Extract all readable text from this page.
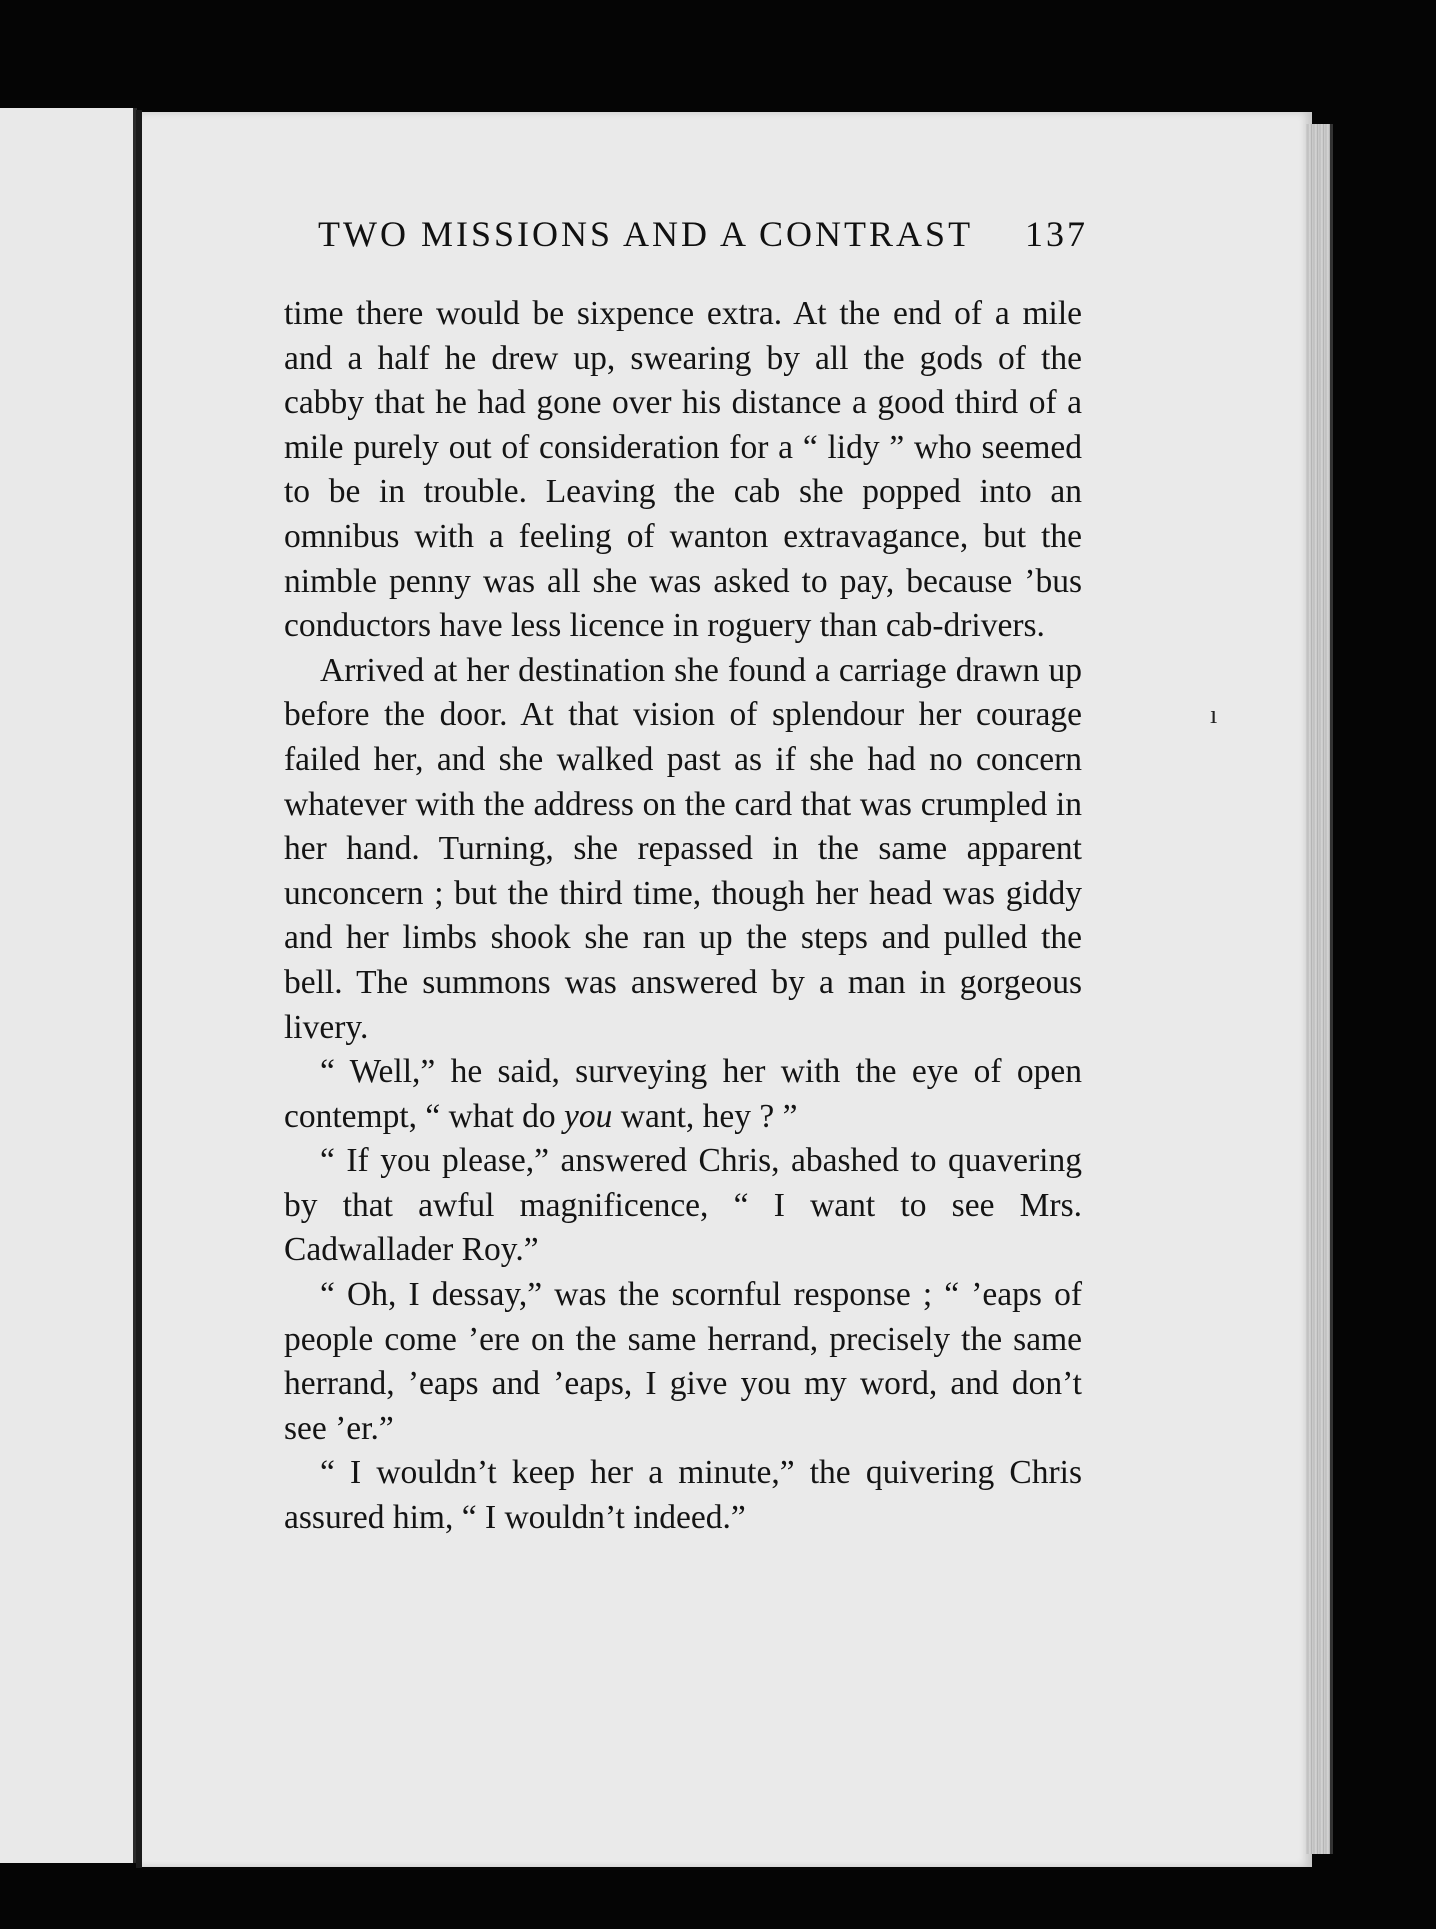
TWO MISSIONS AND A CONTRAST 137

time there would be sixpence extra. At the end of a mile and a half he drew up, swearing by all the gods of the cabby that he had gone over his distance a good third of a mile purely out of consideration for a “ lidy ” who seemed to be in trouble. Leaving the cab she popped into an omnibus with a feeling of wanton extravagance, but the nimble penny was all she was asked to pay, because ’bus conductors have less licence in roguery than cab-drivers.

Arrived at her destination she found a carriage drawn up before the door. At that vision of splendour her courage failed her, and she walked past as if she had no concern whatever with the address on the card that was crumpled in her hand. Turning, she repassed in the same apparent unconcern ; but the third time, though her head was giddy and her limbs shook she ran up the steps and pulled the bell. The summons was answered by a man in gorgeous livery.

“ Well,” he said, surveying her with the eye of open contempt, “ what do you want, hey ? ”

“ If you please,” answered Chris, abashed to quavering by that awful magnificence, “ I want to see Mrs. Cadwallader Roy.”

“ Oh, I dessay,” was the scornful response ; “ ’eaps of people come ’ere on the same herrand, precisely the same herrand, ’eaps and ’eaps, I give you my word, and don’t see ’er.”

“ I wouldn’t keep her a minute,” the quivering Chris assured him, “ I wouldn’t indeed.”

ı
